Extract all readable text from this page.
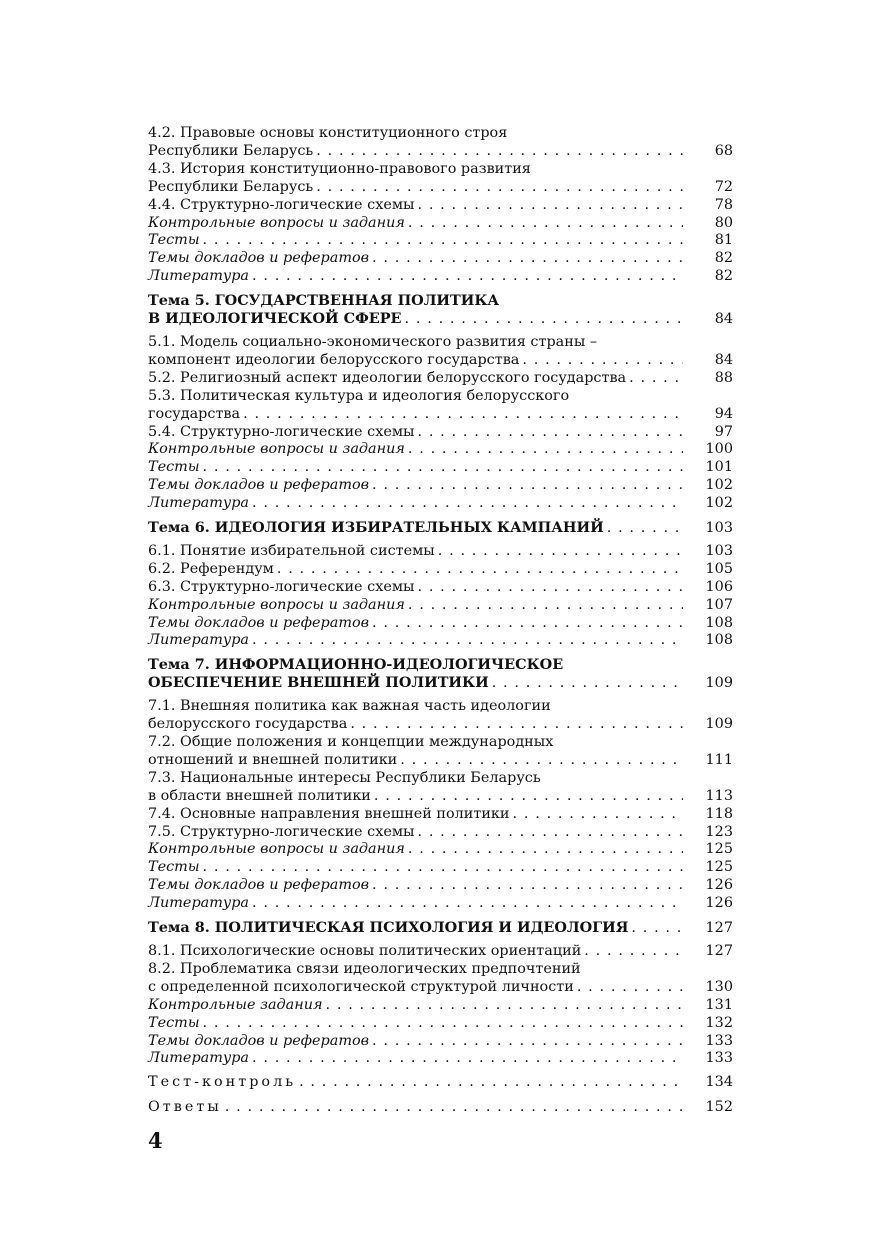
4.2. Правовые основы конституционного строя
Республики Беларусь . . .	68
4.3. История конституционно-правового развития
Республики Беларусь . . .	72
4.4. Структурно-логические схемы . . .	78
Контрольные вопросы и задания . . .	80
Тесты . . .	81
Темы докладов и рефератов . . .	82
Литература . . .	82
Тема 5. ГОСУДАРСТВЕННАЯ ПОЛИТИКА
В ИДЕОЛОГИЧЕСКОЙ СФЕРЕ . . .	84
5.1. Модель социально-экономического развития страны –
компонент идеологии белорусского государства . . .	84
5.2. Религиозный аспект идеологии белорусского государства . . .	88
5.3. Политическая культура и идеология белорусского
государства . . .	94
5.4. Структурно-логические схемы . . .	97
Контрольные вопросы и задания . . .	100
Тесты . . .	101
Темы докладов и рефератов . . .	102
Литература . . .	102
Тема 6. ИДЕОЛОГИЯ ИЗБИРАТЕЛЬНЫХ КАМПАНИЙ . . .	103
6.1. Понятие избирательной системы . . .	103
6.2. Референдум . . .	105
6.3. Структурно-логические схемы . . .	106
Контрольные вопросы и задания . . .	107
Темы докладов и рефератов . . .	108
Литература . . .	108
Тема 7. ИНФОРМАЦИОННО-ИДЕОЛОГИЧЕСКОЕ
ОБЕСПЕЧЕНИЕ ВНЕШНЕЙ ПОЛИТИКИ . . .	109
7.1. Внешняя политика как важная часть идеологии
белорусского государства . . .	109
7.2. Общие положения и концепции международных
отношений и внешней политики . . .	111
7.3. Национальные интересы Республики Беларусь
в области внешней политики . . .	113
7.4. Основные направления внешней политики . . .	118
7.5. Структурно-логические схемы . . .	123
Контрольные вопросы и задания . . .	125
Тесты . . .	125
Темы докладов и рефератов . . .	126
Литература . . .	126
Тема 8. ПОЛИТИЧЕСКАЯ ПСИХОЛОГИЯ И ИДЕОЛОГИЯ . . .	127
8.1. Психологические основы политических ориентаций . . .	127
8.2. Проблематика связи идеологических предпочтений
с определенной психологической структурой личности . . .	130
Контрольные задания . . .	131
Тесты . . .	132
Темы докладов и рефератов . . .	133
Литература . . .	133
Тест-контроль . . .	134
Ответы . . .	152
4
